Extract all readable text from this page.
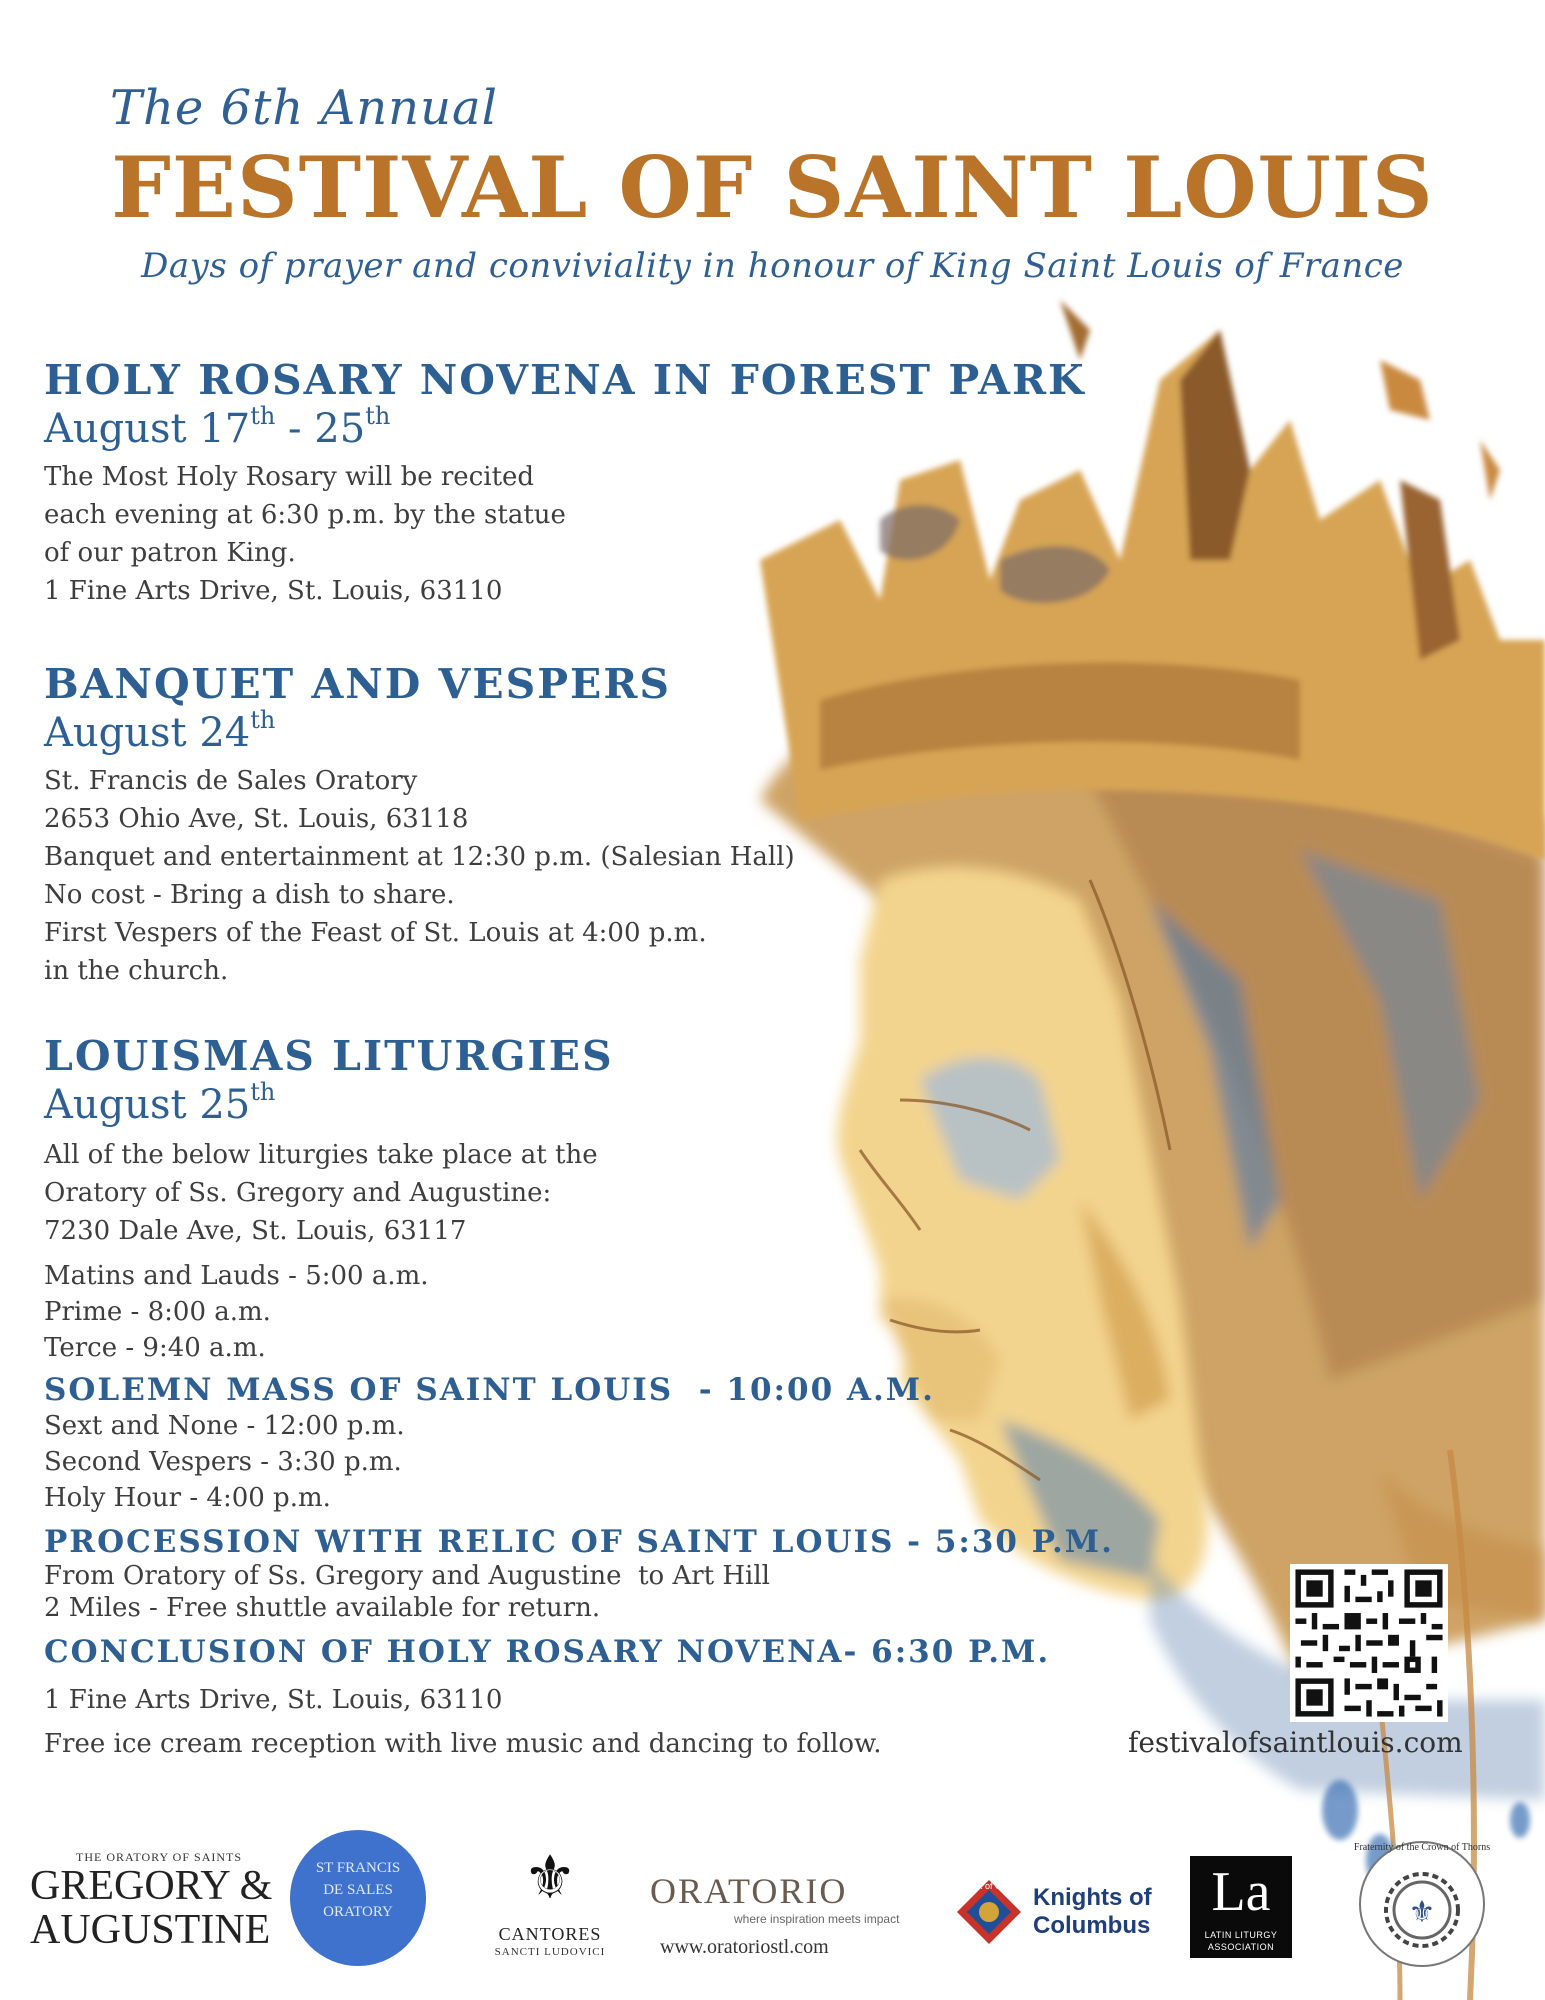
The 6th Annual
FESTIVAL OF SAINT LOUIS
Days of prayer and conviviality in honour of King Saint Louis of France
HOLY ROSARY NOVENA IN FOREST PARK
August 17th - 25th
The Most Holy Rosary will be recited
each evening at 6:30 p.m. by the statue
of our patron King.
1 Fine Arts Drive, St. Louis, 63110
BANQUET AND VESPERS
August 24th
St. Francis de Sales Oratory
2653 Ohio Ave, St. Louis, 63118
Banquet and entertainment at 12:30 p.m. (Salesian Hall)
No cost - Bring a dish to share.
First Vespers of the Feast of St. Louis at 4:00 p.m.
in the church.
LOUISMAS LITURGIES
August 25th
All of the below liturgies take place at the
Oratory of Ss. Gregory and Augustine:
7230 Dale Ave, St. Louis, 63117
Matins and Lauds - 5:00 a.m.
Prime - 8:00 a.m.
Terce - 9:40 a.m.
SOLEMN MASS OF SAINT LOUIS  - 10:00 A.M.
Sext and None - 12:00 p.m.
Second Vespers - 3:30 p.m.
Holy Hour - 4:00 p.m.
PROCESSION WITH RELIC OF SAINT LOUIS - 5:30 P.M.
From Oratory of Ss. Gregory and Augustine  to Art Hill
2 Miles - Free shuttle available for return.
CONCLUSION OF HOLY ROSARY NOVENA- 6:30 P.M.
1 Fine Arts Drive, St. Louis, 63110
Free ice cream reception with live music and dancing to follow.	festivalofsaintlouis.com
THE ORATORY OF SAINTS
GREGORY &
AUGUSTINE
ST FRANCIS
DE SALES
ORATORY	⚜
CANTORES
SANCTI LUDOVICI
ORATORIO
where inspiration meets impact
www.oratoriostl.com
K of C	Knights of
Columbus
La
LATIN LITURGY
ASSOCIATION
⚜
Fraternity of the Crown of Thorns
